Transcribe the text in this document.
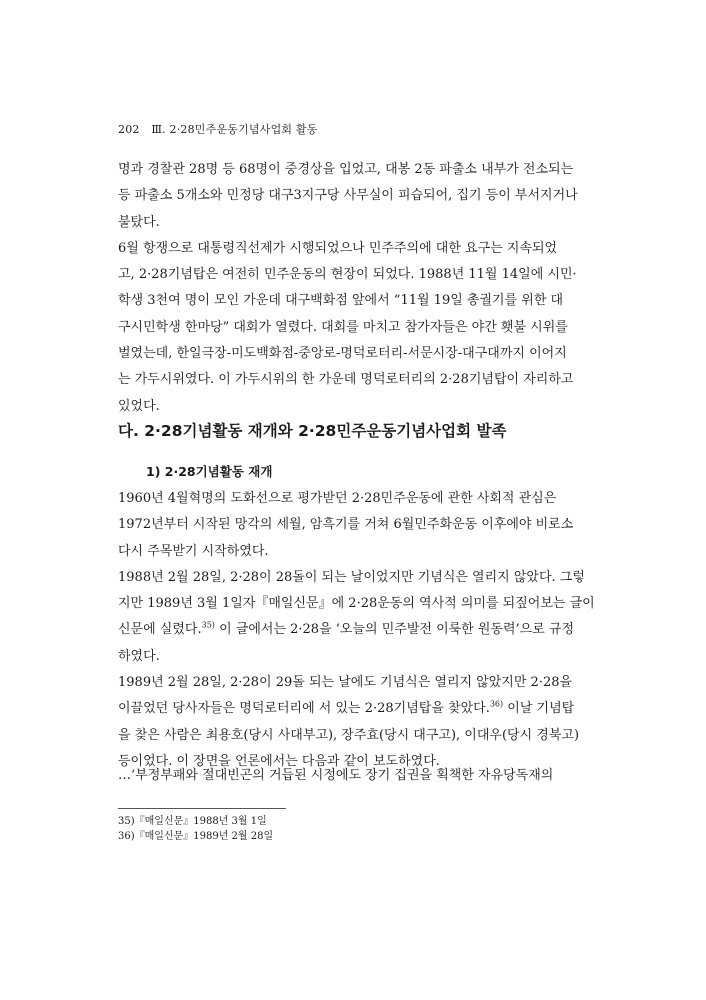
202 Ⅲ. 2·28민주운동기념사업회 활동

명과 경찰관 28명 등 68명이 중경상을 입었고, 대봉 2동 파출소 내부가 전소되는

등 파출소 5개소와 민정당 대구3지구당 사무실이 피습되어, 집기 등이 부서지거나

불탔다.

6월 항쟁으로 대통령직선제가 시행되었으나 민주주의에 대한 요구는 지속되었

고, 2·28기념탑은 여전히 민주운동의 현장이 되었다. 1988년 11월 14일에 시민·

학생 3천여 명이 모인 가운데 대구백화점 앞에서 “11월 19일 총궐기를 위한 대

구시민학생 한마당” 대회가 열렸다. 대회를 마치고 참가자들은 야간 횃불 시위를

벌였는데, 한일극장-미도백화점-중앙로-명덕로터리-서문시장-대구대까지 이어지

는 가두시위였다. 이 가두시위의 한 가운데 명덕로터리의 2·28기념탑이 자리하고

있었다.

다. 2·28기념활동 재개와 2·28민주운동기념사업회 발족
1) 2·28기념활동 재개

1960년 4월혁명의 도화선으로 평가받던 2·28민주운동에 관한 사회적 관심은

1972년부터 시작된 망각의 세월, 암흑기를 거쳐 6월민주화운동 이후에야 비로소

다시 주목받기 시작하였다.

1988년 2월 28일, 2·28이 28돌이 되는 날이었지만 기념식은 열리지 않았다. 그렇

지만 1989년 3월 1일자『매일신문』에 2·28운동의 역사적 의미를 되짚어보는 글이

신문에 실렸다.$^{35)}$ 이 글에서는 2·28을 ‘오늘의 민주발전 이룩한 원동력’으로 규정

하였다.

1989년 2월 28일, 2·28이 29돌 되는 날에도 기념식은 열리지 않았지만 2·28을

이끌었던 당사자들은 명덕로터리에 서 있는 2·28기념탑을 찾았다.$^{36)}$ 이날 기념탑

을 찾은 사람은 최용호(당시 사대부고), 장주효(당시 대구고), 이대우(당시 경북고)

등이었다. 이 장면을 언론에서는 다음과 같이 보도하였다.

…‘부정부패와 절대빈곤의 거듭된 시정에도 장기 집권을 획책한 자유당독재의

35)『매일신문』1988년 3월 1일
36)『매일신문』1989년 2월 28일
